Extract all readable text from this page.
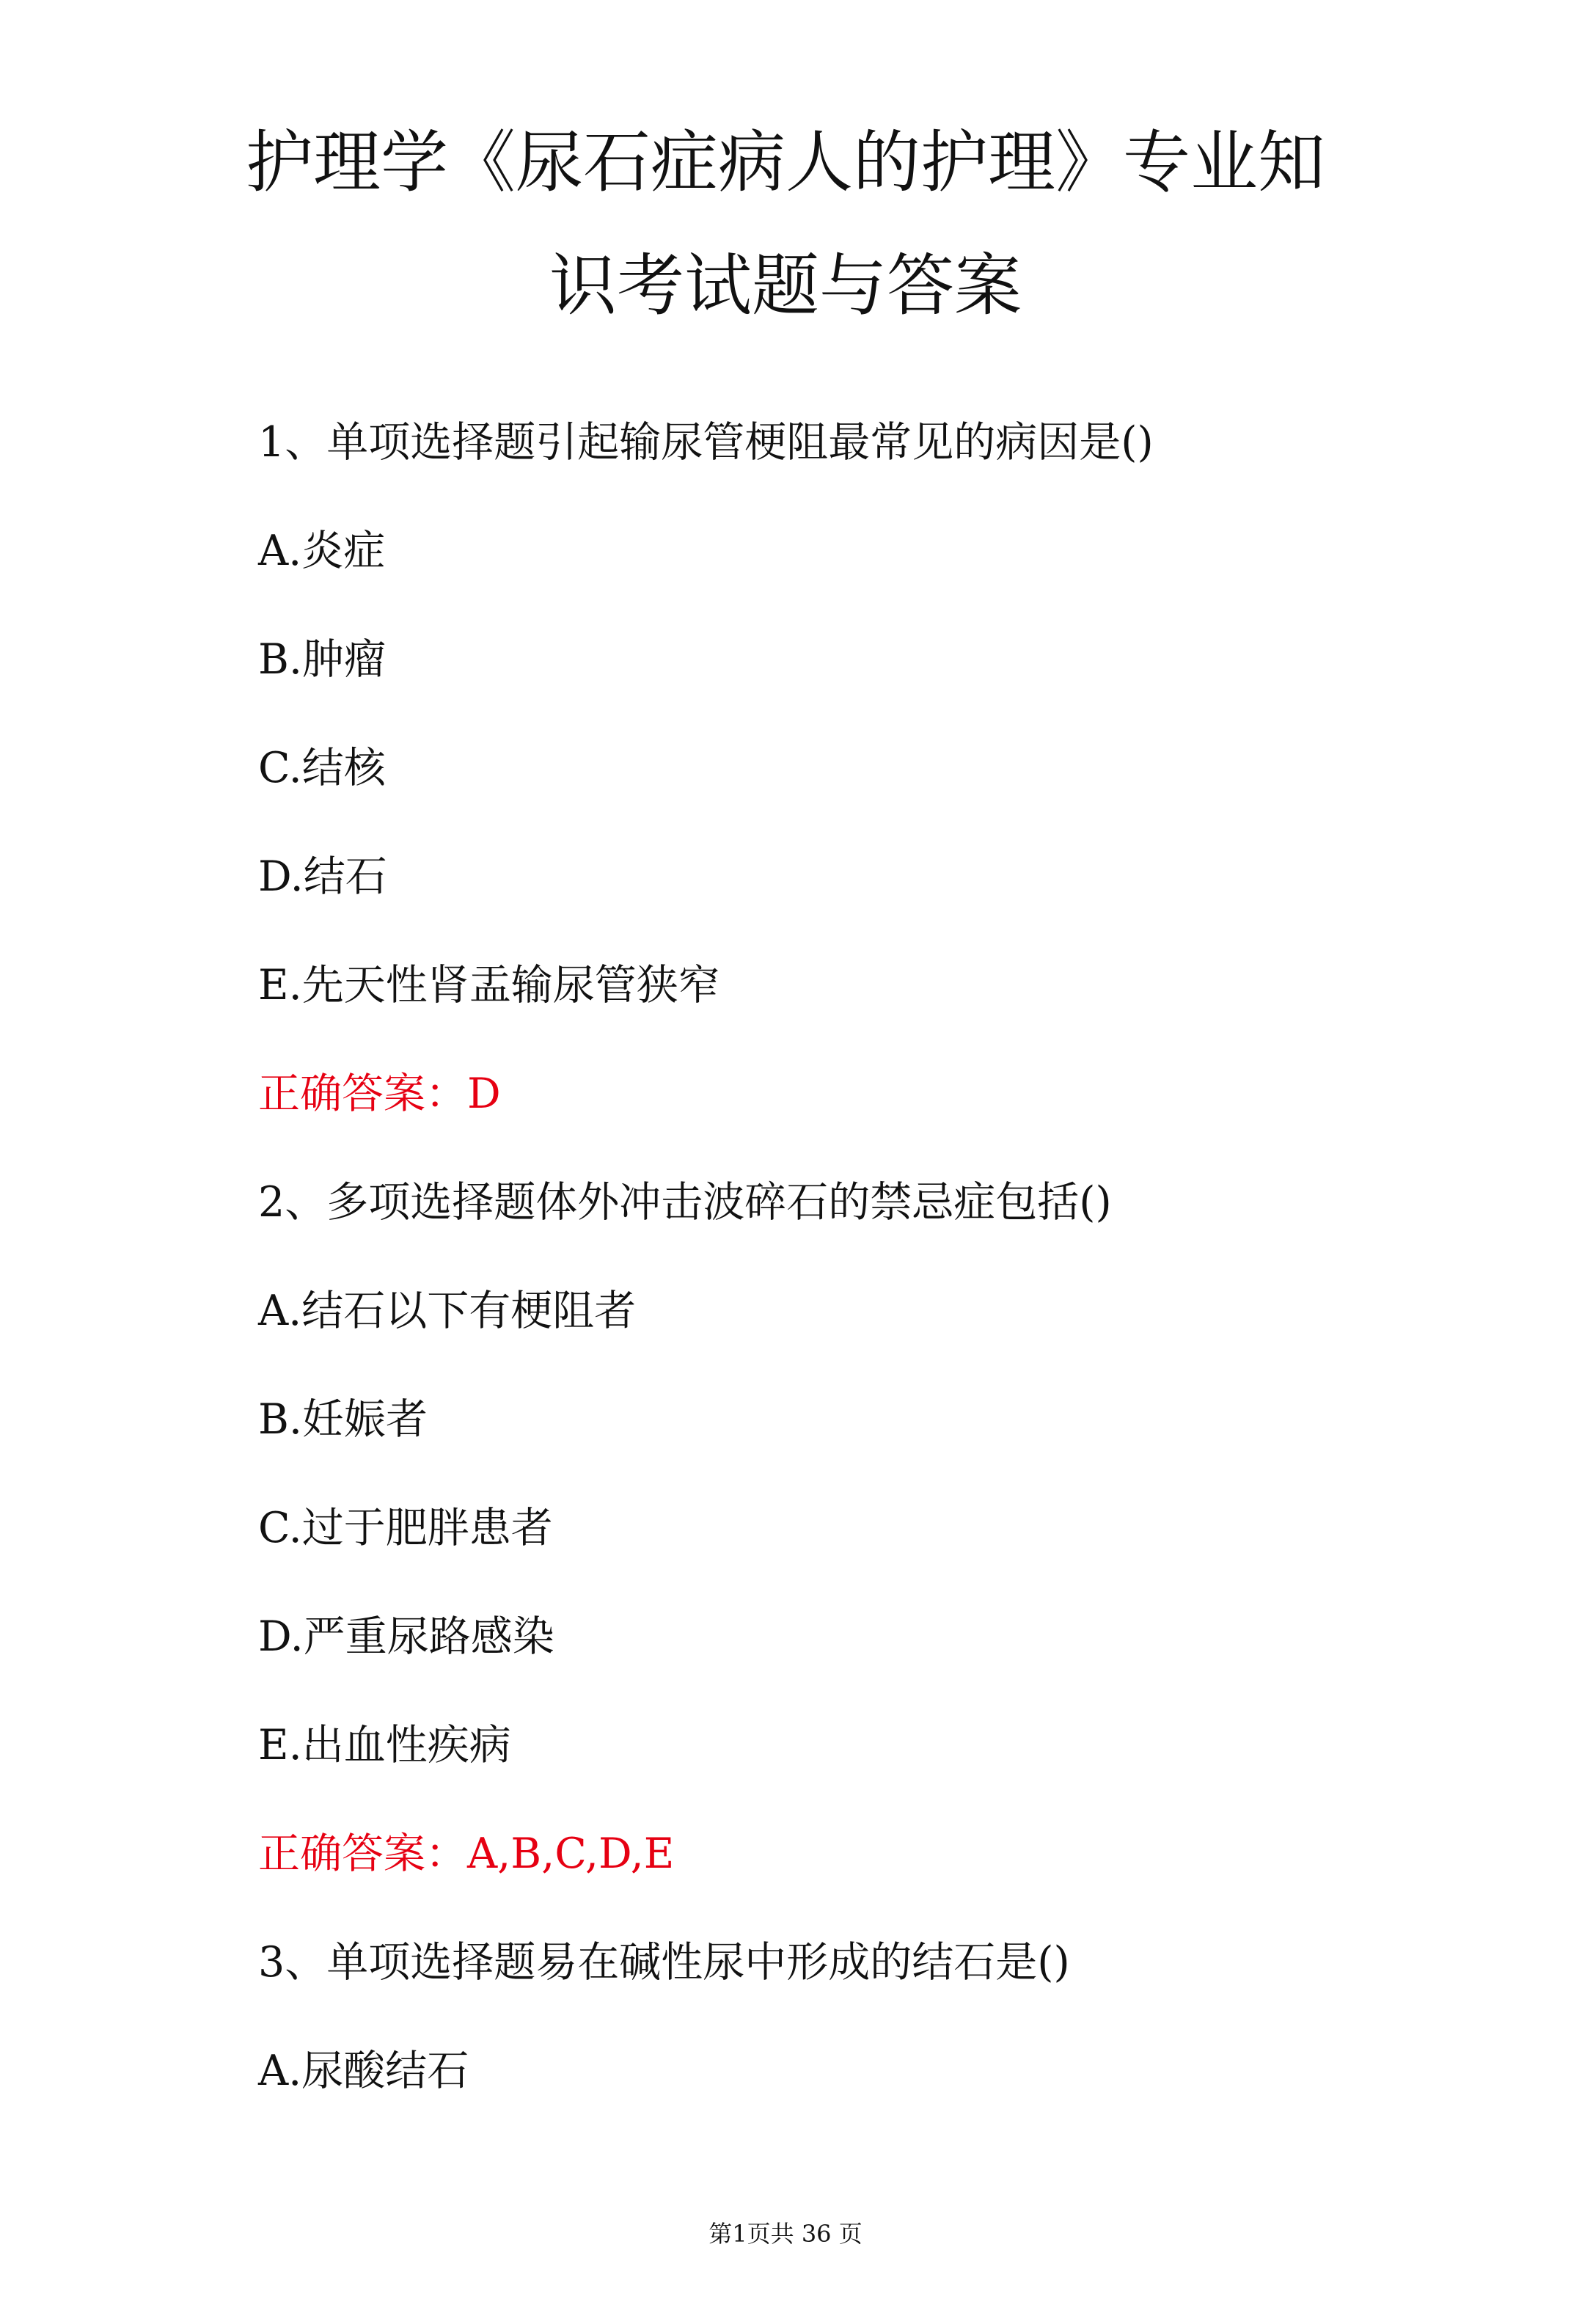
护理学《尿石症病人的护理》专业知
识考试题与答案
1、单项选择题引起输尿管梗阻最常见的病因是()
A.炎症
B.肿瘤
C.结核
D.结石
E.先天性肾盂输尿管狭窄
正确答案：D
2、多项选择题体外冲击波碎石的禁忌症包括()
A.结石以下有梗阻者
B.妊娠者
C.过于肥胖患者
D.严重尿路感染
E.出血性疾病
正确答案：A,B,C,D,E
3、单项选择题易在碱性尿中形成的结石是()
A.尿酸结石
第1页共 36 页
